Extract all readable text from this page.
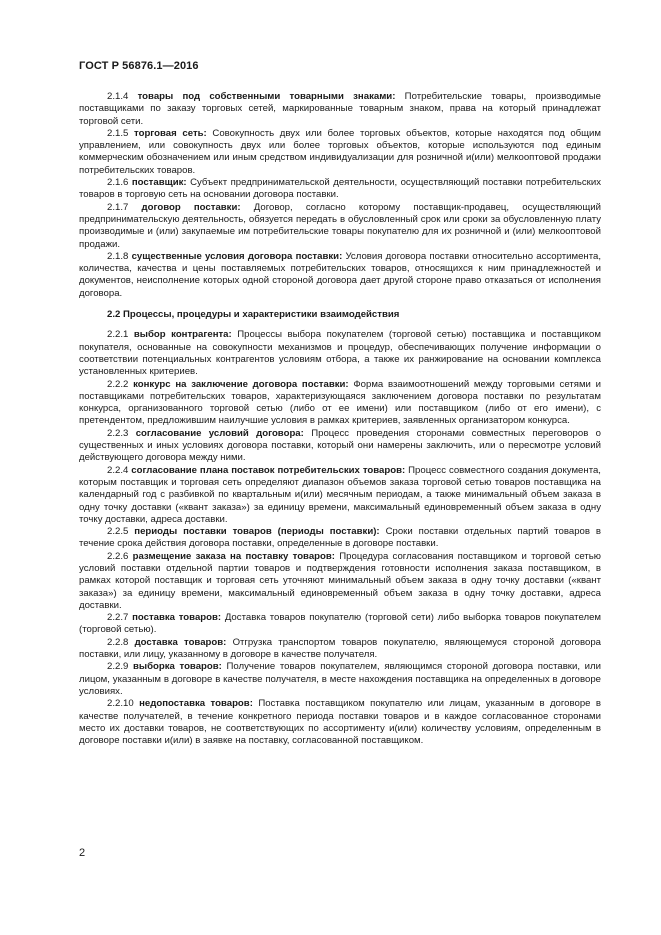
ГОСТ Р 56876.1—2016

2.1.4 товары под собственными товарными знаками: Потребительские товары, производимые поставщиками по заказу торговых сетей, маркированные товарным знаком, права на который принадлежат торговой сети.

2.1.5 торговая сеть: Совокупность двух или более торговых объектов, которые находятся под общим управлением, или совокупность двух или более торговых объектов, которые используются под единым коммерческим обозначением или иным средством индивидуализации для розничной и(или) мелкооптовой продажи потребительских товаров.

2.1.6 поставщик: Субъект предпринимательской деятельности, осуществляющий поставки потребительских товаров в торговую сеть на основании договора поставки.

2.1.7 договор поставки: Договор, согласно которому поставщик-продавец, осуществляющий предпринимательскую деятельность, обязуется передать в обусловленный срок или сроки за обусловленную плату производимые и (или) закупаемые им потребительские товары покупателю для их розничной и (или) мелкооптовой продажи.

2.1.8 существенные условия договора поставки: Условия договора поставки относительно ассортимента, количества, качества и цены поставляемых потребительских товаров, относящихся к ним принадлежностей и документов, неисполнение которых одной стороной договора дает другой стороне право отказаться от исполнения договора.

2.2 Процессы, процедуры и характеристики взаимодействия

2.2.1 выбор контрагента: Процессы выбора покупателем (торговой сетью) поставщика и поставщиком покупателя, основанные на совокупности механизмов и процедур, обеспечивающих получение информации о соответствии потенциальных контрагентов условиям отбора, а также их ранжирование на основании комплекса установленных критериев.

2.2.2 конкурс на заключение договора поставки: Форма взаимоотношений между торговыми сетями и поставщиками потребительских товаров, характеризующаяся заключением договора поставки по результатам конкурса, организованного торговой сетью (либо от ее имени) или поставщиком (либо от его имени), с претендентом, предложившим наилучшие условия в рамках критериев, заявленных организатором конкурса.

2.2.3 согласование условий договора: Процесс проведения сторонами совместных переговоров о существенных и иных условиях договора поставки, который они намерены заключить, или о пересмотре условий действующего договора между ними.

2.2.4 согласование плана поставок потребительских товаров: Процесс совместного создания документа, которым поставщик и торговая сеть определяют диапазон объемов заказа торговой сетью товаров поставщика на календарный год с разбивкой по квартальным и(или) месячным периодам, а также минимальный объем заказа в одну точку доставки («квант заказа») за единицу времени, максимальный единовременный объем заказа в одну точку доставки, адреса доставки.

2.2.5 периоды поставки товаров (периоды поставки): Сроки поставки отдельных партий товаров в течение срока действия договора поставки, определенные в договоре поставки.

2.2.6 размещение заказа на поставку товаров: Процедура согласования поставщиком и торговой сетью условий поставки отдельной партии товаров и подтверждения готовности исполнения заказа поставщиком, в рамках которой поставщик и торговая сеть уточняют минимальный объем заказа в одну точку доставки («квант заказа») за единицу времени, максимальный единовременный объем заказа в одну точку доставки, адреса доставки.

2.2.7 поставка товаров: Доставка товаров покупателю (торговой сети) либо выборка товаров покупателем (торговой сетью).

2.2.8 доставка товаров: Отгрузка транспортом товаров покупателю, являющемуся стороной договора поставки, или лицу, указанному в договоре в качестве получателя.

2.2.9 выборка товаров: Получение товаров покупателем, являющимся стороной договора поставки, или лицом, указанным в договоре в качестве получателя, в месте нахождения поставщика на определенных в договоре условиях.

2.2.10 недопоставка товаров: Поставка поставщиком покупателю или лицам, указанным в договоре в качестве получателей, в течение конкретного периода поставки товаров и в каждое согласованное сторонами место их доставки товаров, не соответствующих по ассортименту и(или) количеству условиям, определенным в договоре поставки и(или) в заявке на поставку, согласованной поставщиком.

2
